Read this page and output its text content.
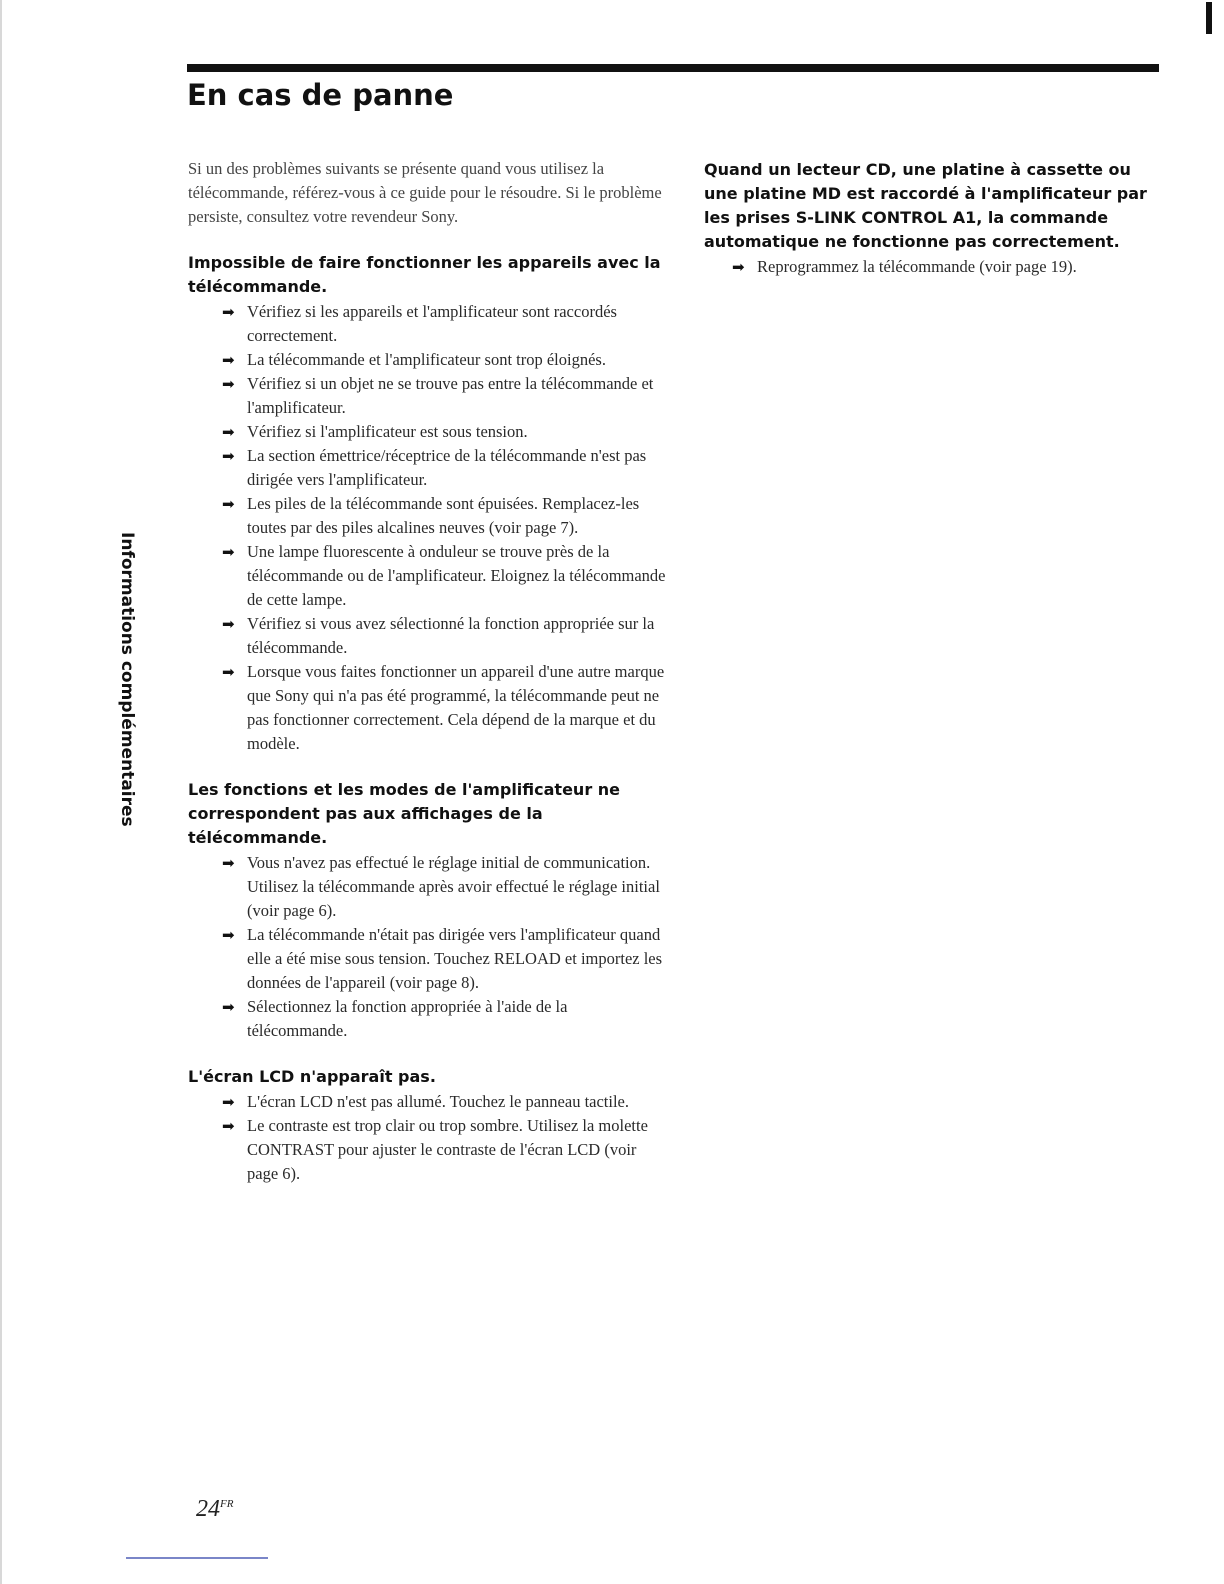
En cas de panne
Informations complémentaires

Si un des problèmes suivants se présente quand vous utilisez la télécommande, référez-vous à ce guide pour le résoudre. Si le problème persiste, consultez votre revendeur Sony.

Impossible de faire fonctionner les appareils avec la télécommande.
➡ Vérifiez si les appareils et l'amplificateur sont raccordés correctement.
➡ La télécommande et l'amplificateur sont trop éloignés.
➡ Vérifiez si un objet ne se trouve pas entre la télécommande et l'amplificateur.
➡ Vérifiez si l'amplificateur est sous tension.
➡ La section émettrice/réceptrice de la télécommande n'est pas dirigée vers l'amplificateur.
➡ Les piles de la télécommande sont épuisées. Remplacez-les toutes par des piles alcalines neuves (voir page 7).
➡ Une lampe fluorescente à onduleur se trouve près de la télécommande ou de l'amplificateur. Eloignez la télécommande de cette lampe.
➡ Vérifiez si vous avez sélectionné la fonction appropriée sur la télécommande.
➡ Lorsque vous faites fonctionner un appareil d'une autre marque que Sony qui n'a pas été programmé, la télécommande peut ne pas fonctionner correctement. Cela dépend de la marque et du modèle.
Les fonctions et les modes de l'amplificateur ne correspondent pas aux affichages de la télécommande.
➡ Vous n'avez pas effectué le réglage initial de communication. Utilisez la télécommande après avoir effectué le réglage initial (voir page 6).
➡ La télécommande n'était pas dirigée vers l'amplificateur quand elle a été mise sous tension. Touchez RELOAD et importez les données de l'appareil (voir page 8).
➡ Sélectionnez la fonction appropriée à l'aide de la télécommande.
L'écran LCD n'apparaît pas.
➡ L'écran LCD n'est pas allumé. Touchez le panneau tactile.
➡ Le contraste est trop clair ou trop sombre. Utilisez la molette CONTRAST pour ajuster le contraste de l'écran LCD (voir page 6).
Quand un lecteur CD, une platine à cassette ou une platine MD est raccordé à l'amplificateur par les prises S-LINK CONTROL A1, la commande automatique ne fonctionne pas correctement.
➡ Reprogrammez la télécommande (voir page 19).
$24^{FR}$
